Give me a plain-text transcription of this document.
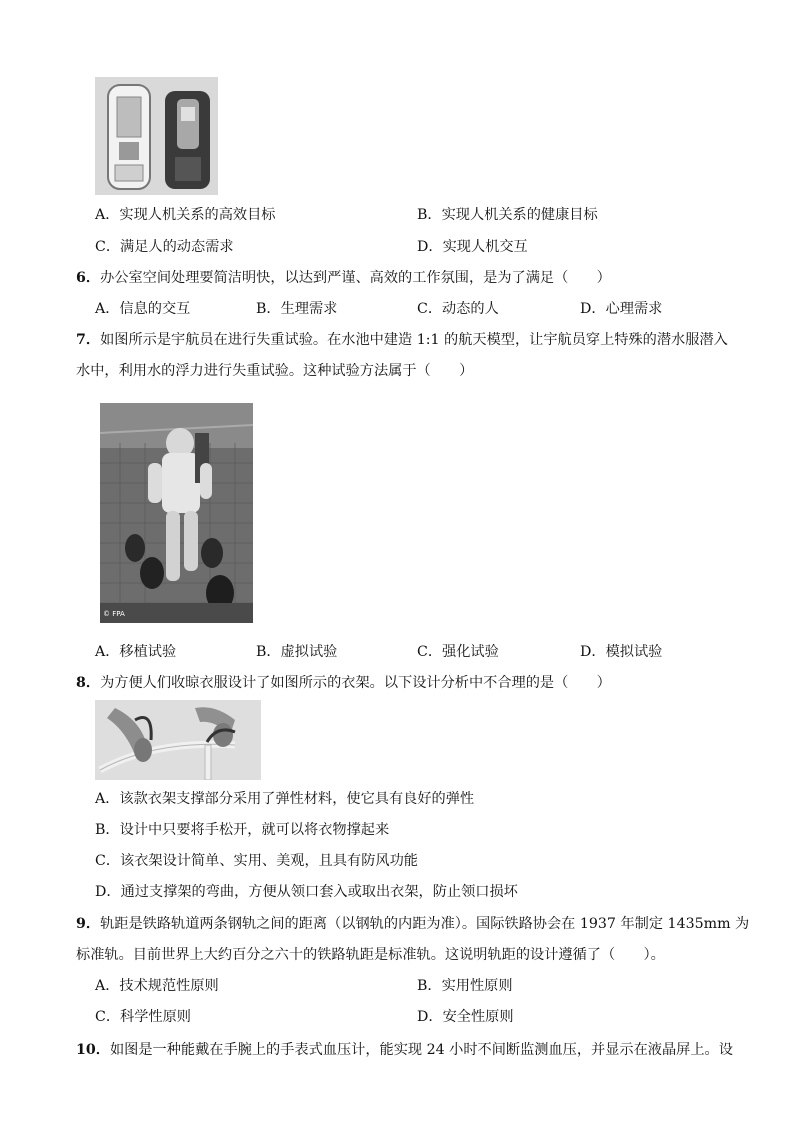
A．实现人机关系的高效目标	B．实现人机关系的健康目标
C．满足人的动态需求	D．实现人机交互
6．办公室空间处理要简洁明快，以达到严谨、高效的工作氛围，是为了满足（　　）
A．信息的交互	B．生理需求	C．动态的人	D．心理需求
7．如图所示是宇航员在进行失重试验。在水池中建造 1:1 的航天模型，让宇航员穿上特殊的潜水服潜入
水中，利用水的浮力进行失重试验。这种试验方法属于（　　）
© FPA
A．移植试验	B．虚拟试验	C．强化试验	D．模拟试验
8．为方便人们收晾衣服设计了如图所示的衣架。以下设计分析中不合理的是（　　）
A．该款衣架支撑部分采用了弹性材料，使它具有良好的弹性
B．设计中只要将手松开，就可以将衣物撑起来
C．该衣架设计简单、实用、美观，且具有防风功能
D．通过支撑架的弯曲，方便从领口套入或取出衣架，防止领口损坏
9．轨距是铁路轨道两条钢轨之间的距离（以钢轨的内距为准）。国际铁路协会在 1937 年制定 1435mm 为
标准轨。目前世界上大约百分之六十的铁路轨距是标准轨。这说明轨距的设计遵循了（　　）。
A．技术规范性原则	B．实用性原则
C．科学性原则	D．安全性原则
10．如图是一种能戴在手腕上的手表式血压计，能实现 24 小时不间断监测血压，并显示在液晶屏上。设
